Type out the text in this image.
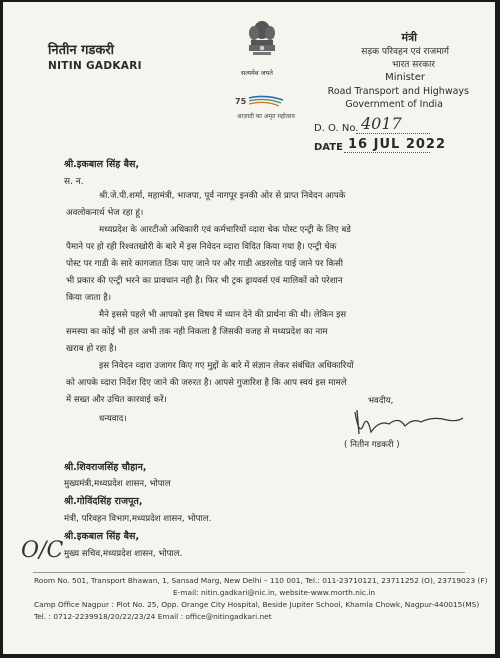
नितीन गडकरी
NITIN GADKARI
सत्यमेव जयते
75
आज़ादी का अमृत महोत्सव
मंत्री
सड़क परिवहन एवं राजमार्ग
भारत सरकार
Minister
Road Transport and Highways
Government of India
D. O. No. 4017
DATE 16 JUL 2022
श्री.इकबाल सिंह बैस,
स. न.
श्री.जे.पी.शर्मा, महामंत्री, भाजपा, पूर्व नागपूर इनकी ओर से प्राप्त निवेदन आपके
अवलोकनार्थ भेज रहा हूं।
मध्यप्रदेश के आरटीओ अधिकारी एवं कर्मचारियों व्दारा चेक पोस्ट एन्ट्री के लिए बडे
पैमाने पर हो रही रिश्वतखोरी के बारे में इस निवेदन व्दारा विदित किया गया है। एन्ट्री चेक
पोस्ट पर गाडी के सारे कागजात ठिक पाए जाने पर और गाडी अडरलोड पाई जाने पर किसी
भी प्रकार की एन्ट्री भरने का प्रावधान नही है। फिर भी ट्रक ड्रायवर्स एवं मालिकों को परेशान
किया जाता है।
मैने इससे पहले भी आपको इस विषय में ध्यान देने की प्रार्थना की थी। लेकिन इस
समस्या का कोई भी हल अभी तक नही निकला है जिसकी वजह से मध्यप्रदेश का नाम
खराब हो रहा है।
इस निवेदन व्दारा उजागर किए गए मुद्दों के बारे में संज्ञान लेकर संबंधित अधिकारियों
को आपके व्दारा निर्देश दिए जाने की जरुरत है। आपसे गुजारिश है कि आप स्वयं इस मामले
में सख्त और उचित कारवाई करें।
धन्यवाद।
भवदीय,
( नितीन गडकरी )
श्री.शिवराजसिंह चौहान,
मुख्यमंत्री,मध्यप्रदेश शासन, भोपाल
श्री.गोविंदसिंह राजपूत,
मंत्री, परिवहन विभाग,मध्यप्रदेश शासन, भोपाल.
श्री.इकबाल सिंह बैस,
मुख्य सचिव,मध्यप्रदेश शासन, भोपाल.
O/C
Room No. 501, Transport Bhawan, 1, Sansad Marg, New Delhi – 110 001, Tel.: 011-23710121, 23711252 (O), 23719023 (F)
E-mail: nitin.gadkari@nic.in, website-www.morth.nic.in
Camp Office Nagpur : Plot No. 25, Opp. Orange City Hospital, Beside Jupiter School, Khamla Chowk, Nagpur-440015(MS)
Tel. : 0712-2239918/20/22/23/24 Email : office@nitingadkari.net
